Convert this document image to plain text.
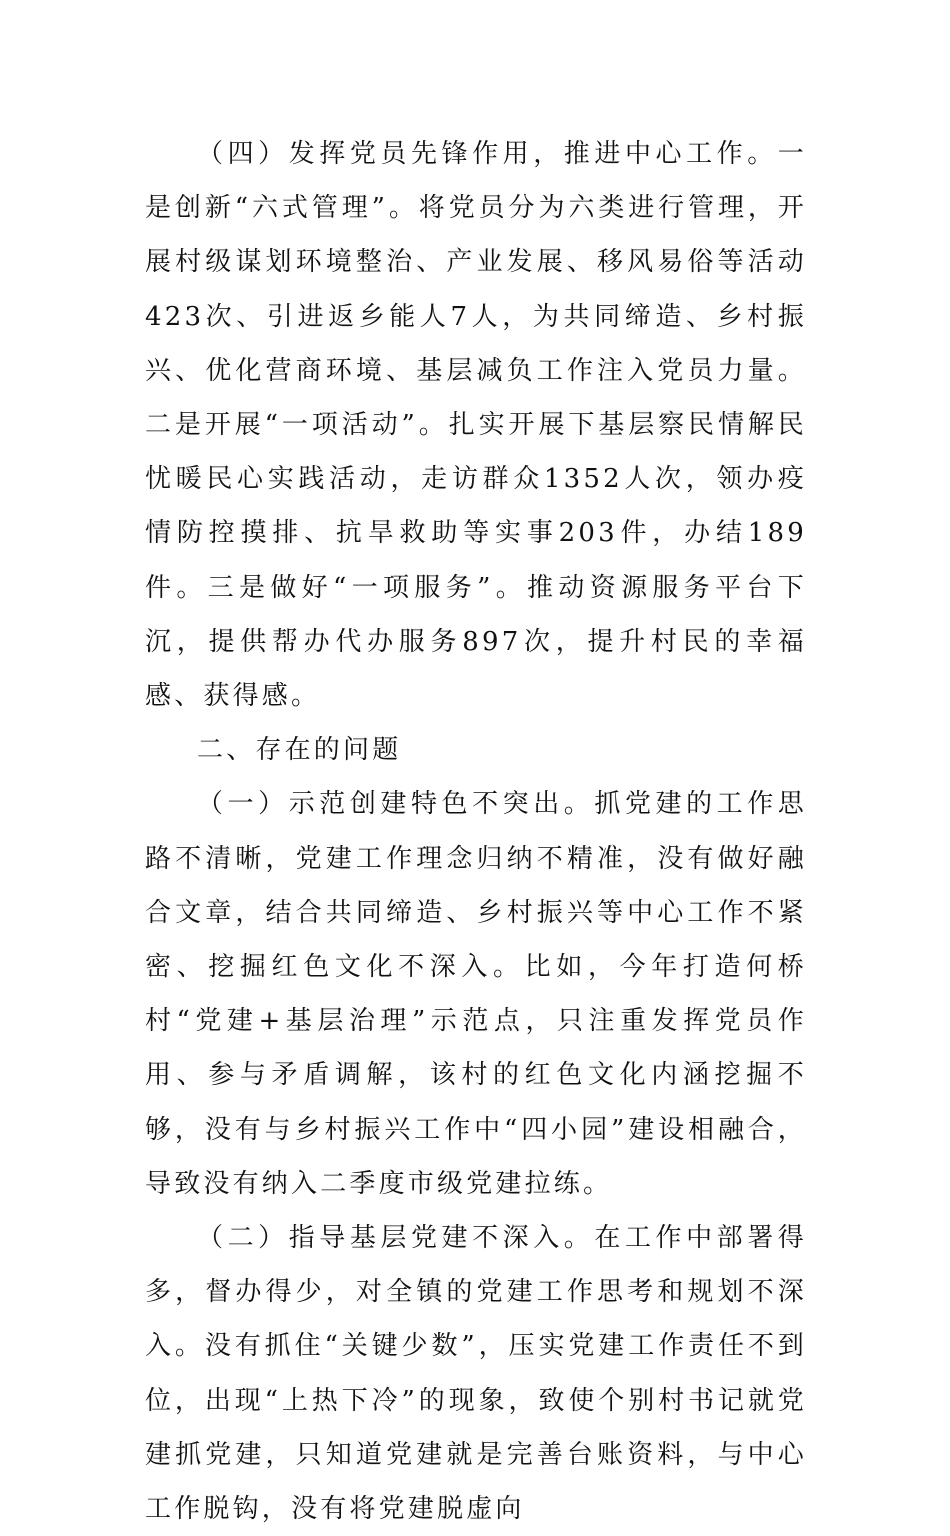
（四）发挥党员先锋作用，推进中心工作。一是创新“六式管理”。将党员分为六类进行管理，开展村级谋划环境整治、产业发展、移风易俗等活动423次、引进返乡能人7人，为共同缔造、乡村振兴、优化营商环境、基层减负工作注入党员力量。二是开展“一项活动”。扎实开展下基层察民情解民忧暖民心实践活动，走访群众1352人次，领办疫情防控摸排、抗旱救助等实事203件，办结189件。三是做好“一项服务”。推动资源服务平台下沉，提供帮办代办服务897次，提升村民的幸福感、获得感。

二、存在的问题

（一）示范创建特色不突出。抓党建的工作思路不清晰，党建工作理念归纳不精准，没有做好融合文章，结合共同缔造、乡村振兴等中心工作不紧密、挖掘红色文化不深入。比如，今年打造何桥村“党建+基层治理”示范点，只注重发挥党员作用、参与矛盾调解，该村的红色文化内涵挖掘不够，没有与乡村振兴工作中“四小园”建设相融合，导致没有纳入二季度市级党建拉练。

（二）指导基层党建不深入。在工作中部署得多，督办得少，对全镇的党建工作思考和规划不深入。没有抓住“关键少数”，压实党建工作责任不到位，出现“上热下冷”的现象，致使个别村书记就党建抓党建，只知道党建就是完善台账资料，与中心工作脱钩，没有将党建脱虚向
